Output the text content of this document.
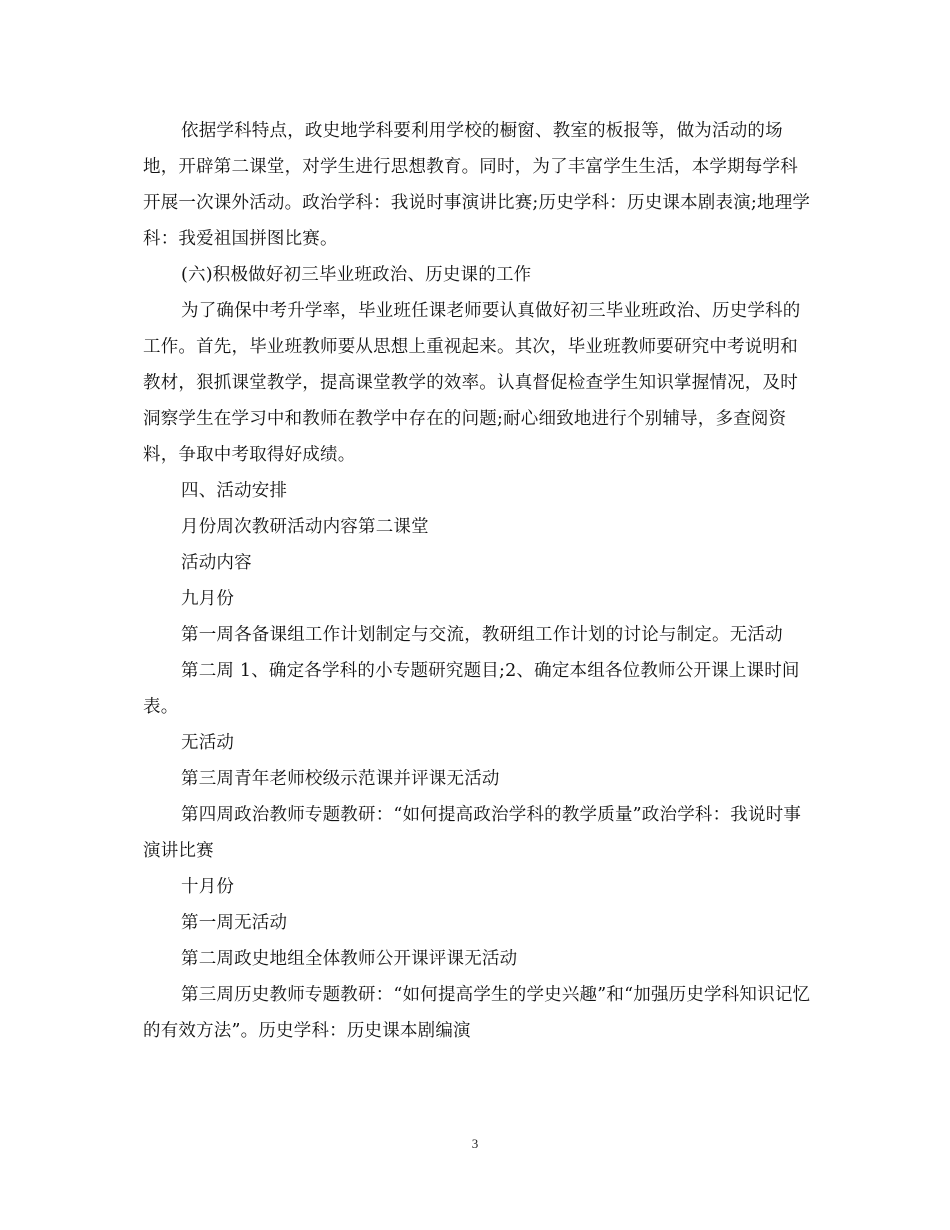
依据学科特点，政史地学科要利用学校的橱窗、教室的板报等，做为活动的场地，开辟第二课堂，对学生进行思想教育。同时，为了丰富学生生活，本学期每学科开展一次课外活动。政治学科：我说时事演讲比赛;历史学科：历史课本剧表演;地理学科：我爱祖国拼图比赛。

(六)积极做好初三毕业班政治、历史课的工作

为了确保中考升学率，毕业班任课老师要认真做好初三毕业班政治、历史学科的工作。首先，毕业班教师要从思想上重视起来。其次，毕业班教师要研究中考说明和教材，狠抓课堂教学，提高课堂教学的效率。认真督促检查学生知识掌握情况，及时洞察学生在学习中和教师在教学中存在的问题;耐心细致地进行个别辅导，多查阅资料，争取中考取得好成绩。

四、活动安排

月份周次教研活动内容第二课堂

活动内容

九月份

第一周各备课组工作计划制定与交流，教研组工作计划的讨论与制定。无活动

第二周 1、确定各学科的小专题研究题目;2、确定本组各位教师公开课上课时间表。

无活动

第三周青年老师校级示范课并评课无活动

第四周政治教师专题教研：“如何提高政治学科的教学质量”政治学科：我说时事演讲比赛

十月份

第一周无活动

第二周政史地组全体教师公开课评课无活动

第三周历史教师专题教研：“如何提高学生的学史兴趣”和“加强历史学科知识记忆的有效方法”。历史学科：历史课本剧编演

3
